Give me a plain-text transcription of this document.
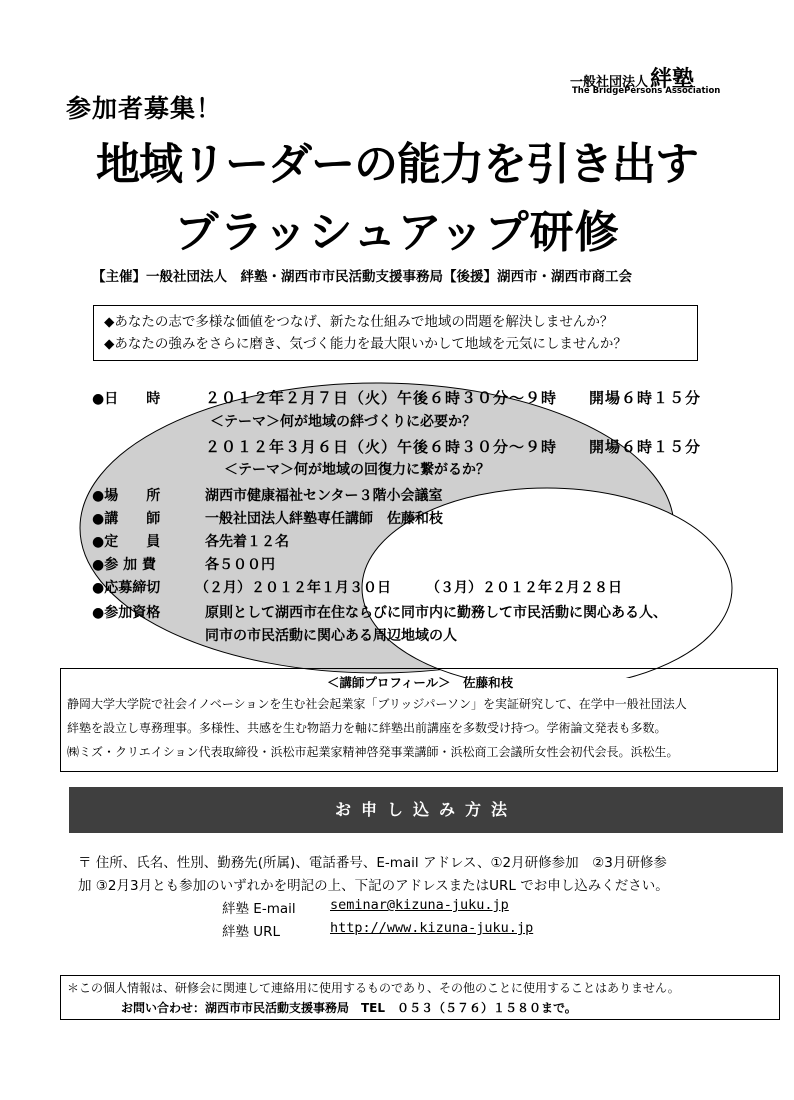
一般社団法人絆塾
The BridgePersons Association
参加者募集！
地域リーダーの能力を引き出す
ブラッシュアップ研修
【主催】一般社団法人　絆塾・湖西市市民活動支援事務局【後援】湖西市・湖西市商工会
◆あなたの志で多様な価値をつなげ、新たな仕組みで地域の問題を解決しませんか？
◆あなたの強みをさらに磨き、気づく能力を最大限いかして地域を元気にしませんか？
●日　　時	２０１２年２月７日（火）午後６時３０分～９時　　開場６時１５分
＜テーマ＞何が地域の絆づくりに必要か？
２０１２年３月６日（火）午後６時３０分～９時　　開場６時１５分
＜テーマ＞何が地域の回復力に繋がるか？
●場　　所	湖西市健康福祉センター３階小会議室
●講　　師	一般社団法人絆塾専任講師　佐藤和枝
●定　　員	各先着１２名
●参 加 費	各５００円
●応募締切 （２月）２０１２年１月３０日　　　（３月）２０１２年２月２８日
●参加資格	原則として湖西市在住ならびに同市内に勤務して市民活動に関心ある人、
同市の市民活動に関心ある周辺地域の人
＜講師プロフィール＞　佐藤和枝
静岡大学大学院で社会イノベーションを生む社会起業家「ブリッジパーソン」を実証研究して、在学中一般社団法人
絆塾を設立し専務理事。多様性、共感を生む物語力を軸に絆塾出前講座を多数受け持つ。学術論文発表も多数。
㈱ミズ・クリエイション代表取締役・浜松市起業家精神啓発事業講師・浜松商工会議所女性会初代会長。浜松生。
お申し込み方法
〒 住所、氏名、性別、勤務先(所属)、電話番号、E-mail アドレス、①2月研修参加　②3月研修参
加 ③2月3月とも参加のいずれかを明記の上、下記のアドレスまたはURL でお申し込みください。
絆塾 E-mail	seminar@kizuna-juku.jp
絆塾 URL	http://www.kizuna-juku.jp
＊この個人情報は、研修会に関連して連絡用に使用するものであり、その他のことに使用することはありません。
お問い合わせ：湖西市市民活動支援事務局　TEL　０５３（５７６）１５８０まで。
